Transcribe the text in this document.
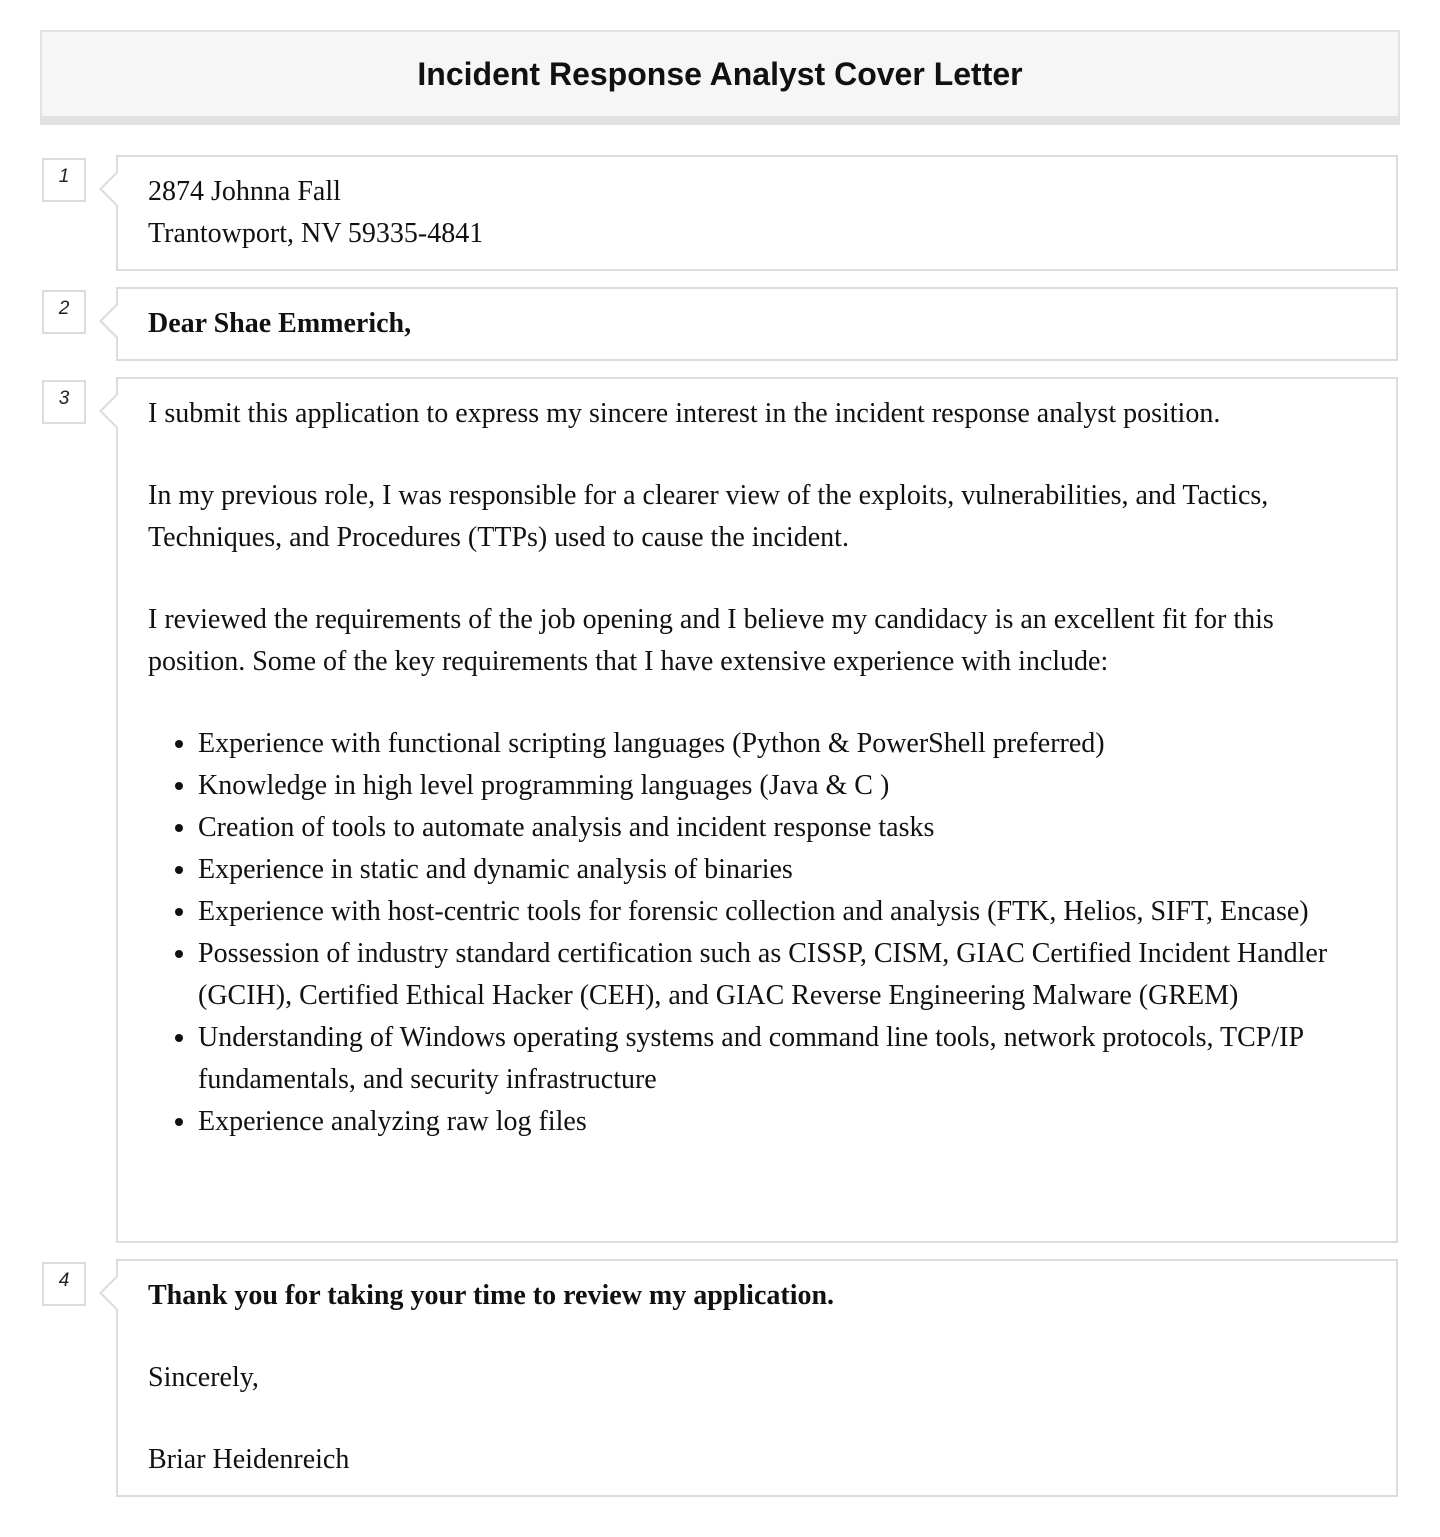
Incident Response Analyst Cover Letter
1	2874 Johnna Fall

Trantowport, NV 59335-4841

2	Dear Shae Emmerich,

3	I submit this application to express my sincere interest in the incident response analyst position.

In my previous role, I was responsible for a clearer view of the exploits, vulnerabilities, and Tactics, Techniques, and Procedures (TTPs) used to cause the incident.

I reviewed the requirements of the job opening and I believe my candidacy is an excellent fit for this position. Some of the key requirements that I have extensive experience with include:

• Experience with functional scripting languages (Python & PowerShell preferred)
• Knowledge in high level programming languages (Java & C )
• Creation of tools to automate analysis and incident response tasks
• Experience in static and dynamic analysis of binaries
• Experience with host-centric tools for forensic collection and analysis (FTK, Helios, SIFT, Encase)
• Possession of industry standard certification such as CISSP, CISM, GIAC Certified Incident Handler (GCIH), Certified Ethical Hacker (CEH), and GIAC Reverse Engineering Malware (GREM)
• Understanding of Windows operating systems and command line tools, network protocols, TCP/IP fundamentals, and security infrastructure
• Experience analyzing raw log files
4	Thank you for taking your time to review my application.

Sincerely,

Briar Heidenreich
